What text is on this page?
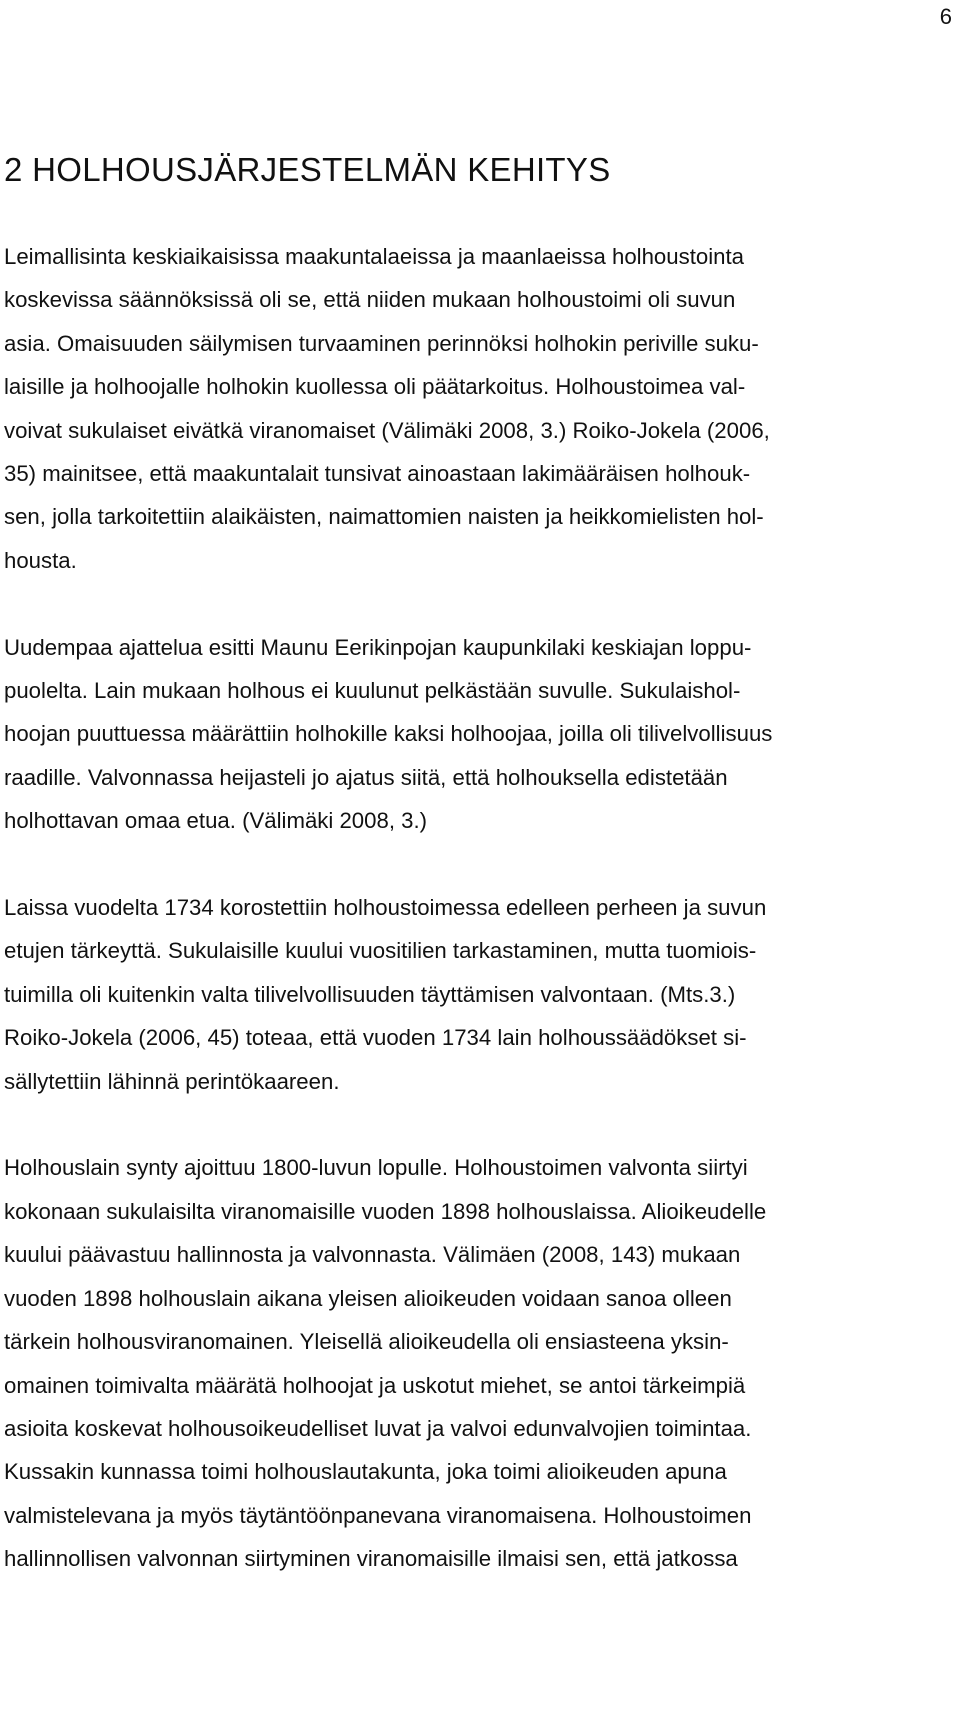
6
2 HOLHOUSJÄRJESTELMÄN KEHITYS
Leimallisinta keskiaikaisissa maakuntalaeissa ja maanlaeissa holhoustointa
koskevissa säännöksissä oli se, että niiden mukaan holhoustoimi oli suvun
asia. Omaisuuden säilymisen turvaaminen perinnöksi holhokin periville suku-
laisille ja holhoojalle holhokin kuollessa oli päätarkoitus. Holhoustoimea val-
voivat sukulaiset eivätkä viranomaiset (Välimäki 2008, 3.) Roiko-Jokela (2006,
35) mainitsee, että maakuntalait tunsivat ainoastaan lakimääräisen holhouk-
sen, jolla tarkoitettiin alaikäisten, naimattomien naisten ja heikkomielisten hol-
housta.
Uudempaa ajattelua esitti Maunu Eerikinpojan kaupunkilaki keskiajan loppu-
puolelta. Lain mukaan holhous ei kuulunut pelkästään suvulle. Sukulaishol-
hoojan puuttuessa määrättiin holhokille kaksi holhoojaa, joilla oli tilivelvollisuus
raadille. Valvonnassa heijasteli jo ajatus siitä, että holhouksella edistetään
holhottavan omaa etua. (Välimäki 2008, 3.)
Laissa vuodelta 1734 korostettiin holhoustoimessa edelleen perheen ja suvun
etujen tärkeyttä. Sukulaisille kuului vuositilien tarkastaminen, mutta tuomiois-
tuimilla oli kuitenkin valta tilivelvollisuuden täyttämisen valvontaan. (Mts.3.)
Roiko-Jokela (2006, 45) toteaa, että vuoden 1734 lain holhoussäädökset si-
sällytettiin lähinnä perintökaareen.
Holhouslain synty ajoittuu 1800-luvun lopulle. Holhoustoimen valvonta siirtyi
kokonaan sukulaisilta viranomaisille vuoden 1898 holhouslaissa. Alioikeudelle
kuului päävastuu hallinnosta ja valvonnasta. Välimäen (2008, 143) mukaan
vuoden 1898 holhouslain aikana yleisen alioikeuden voidaan sanoa olleen
tärkein holhousviranomainen. Yleisellä alioikeudella oli ensiasteena yksin-
omainen toimivalta määrätä holhoojat ja uskotut miehet, se antoi tärkeimpiä
asioita koskevat holhousoikeudelliset luvat ja valvoi edunvalvojien toimintaa.
Kussakin kunnassa toimi holhouslautakunta, joka toimi alioikeuden apuna
valmistelevana ja myös täytäntöönpanevana viranomaisena. Holhoustoimen
hallinnollisen valvonnan siirtyminen viranomaisille ilmaisi sen, että jatkossa
